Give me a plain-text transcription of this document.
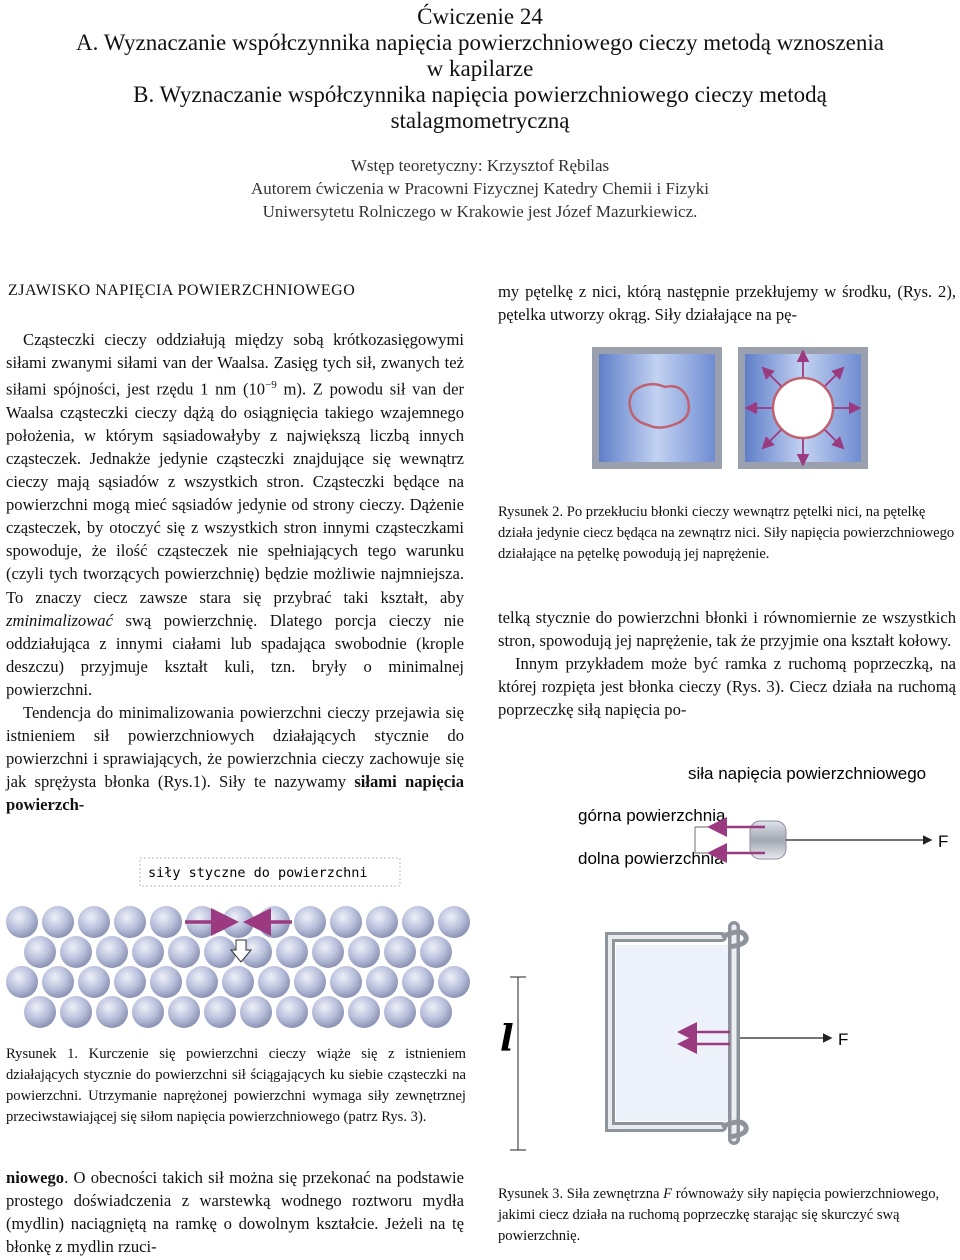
Ćwiczenie 24

A. Wyznaczanie współczynnika napięcia powierzchniowego cieczy metodą wznoszenia

w kapilarze

B. Wyznaczanie współczynnika napięcia powierzchniowego cieczy metodą

stalagmometryczną

Wstęp teoretyczny: Krzysztof Rębilas

Autorem ćwiczenia w Pracowni Fizycznej Katedry Chemii i Fizyki

Uniwersytetu Rolniczego w Krakowie jest Józef Mazurkiewicz.

ZJAWISKO NAPIĘCIA POWIERZCHNIOWEGO

Cząsteczki cieczy oddziałują między sobą krótkozasięgowymi siłami zwanymi siłami van der Waalsa. Zasięg tych sił, zwanych też siłami spójności, jest rzędu 1 nm ($10^{-9}$ m). Z powodu sił van der Waalsa cząsteczki cieczy dążą do osiągnięcia takiego wzajemnego położenia, w którym sąsiadowałyby z największą liczbą innych cząsteczek. Jednakże jedynie cząsteczki znajdujące się wewnątrz cieczy mają sąsiadów z wszystkich stron. Cząsteczki będące na powierzchni mogą mieć sąsiadów jedynie od strony cieczy. Dążenie cząsteczek, by otoczyć się z wszystkich stron innymi cząsteczkami spowoduje, że ilość cząsteczek nie spełniających tego warunku (czyli tych tworzących powierzchnię) będzie możliwie najmniejsza. To znaczy ciecz zawsze stara się przybrać taki kształt, aby zminimalizować swą powierzchnię. Dlatego porcja cieczy nie oddziałująca z innymi ciałami lub spadająca swobodnie (krople deszczu) przyjmuje kształt kuli, tzn. bryły o minimalnej powierzchni.

Tendencja do minimalizowania powierzchni cieczy przejawia się istnieniem sił powierzchniowych działających stycznie do powierzchni i sprawiających, że powierzchnia cieczy zachowuje się jak sprężysta błonka (Rys.1). Siły te nazywamy siłami napięcia powierzch-

siły styczne do powierzchni
Rysunek 1. Kurczenie się powierzchni cieczy wiąże się z istnieniem działających stycznie do powierzchni sił ściągających ku siebie cząsteczki na powierzchni. Utrzymanie naprężonej powierzchni wymaga siły zewnętrznej przeciwstawiającej się siłom napięcia powierzchniowego (patrz Rys. 3).

niowego. O obecności takich sił można się przekonać na podstawie prostego doświadczenia z warstewką wodnego roztworu mydła (mydlin) naciągniętą na ramkę o dowolnym kształcie. Jeżeli na tę błonkę z mydlin rzuci-

my pętelkę z nici, którą następnie przekłujemy w środku, (Rys. 2), pętelka utworzy okrąg. Siły działające na pę-

Rysunek 2. Po przekłuciu błonki cieczy wewnątrz pętelki nici, na pętelkę działa jedynie ciecz będąca na zewnątrz nici. Siły napięcia powierzchniowego działające na pętelkę powodują jej naprężenie.

telką stycznie do powierzchni błonki i równomiernie ze wszystkich stron, spowodują jej naprężenie, tak że przyjmie ona kształt kołowy.

Innym przykładem może być ramka z ruchomą poprzeczką, na której rozpięta jest błonka cieczy (Rys. 3). Ciecz działa na ruchomą poprzeczkę siłą napięcia po-

siła napięcia powierzchniowego
górna powierzchnia
dolna powierzchnia
F
l	F
Rysunek 3. Siła zewnętrzna F równoważy siły napięcia powierzchniowego, jakimi ciecz działa na ruchomą poprzeczkę starając się skurczyć swą powierzchnię.
